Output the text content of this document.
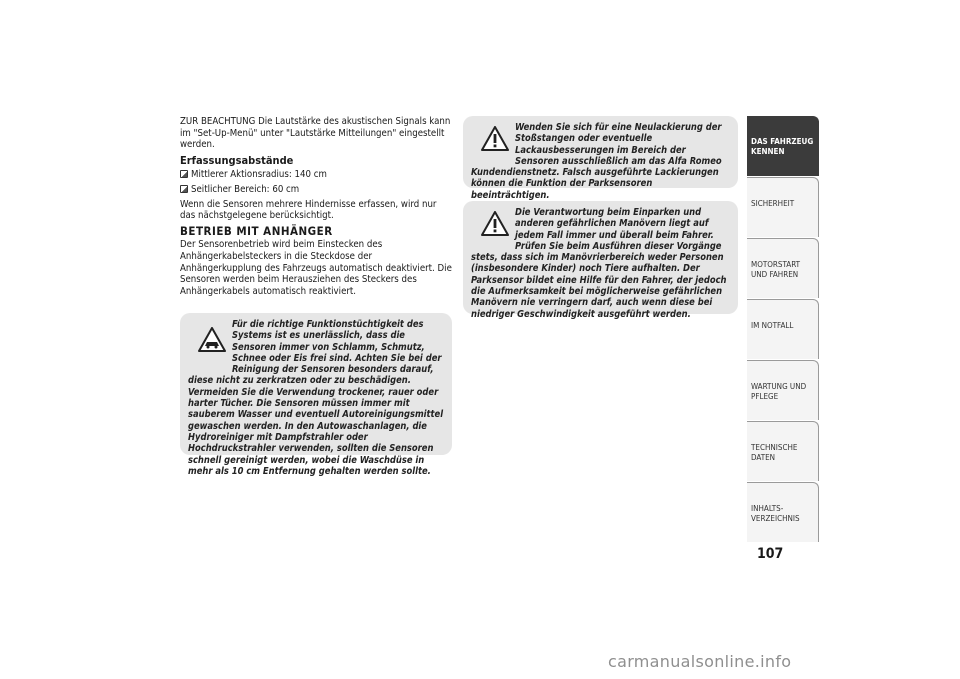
ZUR BEACHTUNG Die Lautstärke des akustischen Signals kann im "Set-Up-Menü" unter "Lautstärke Mitteilungen" eingestellt werden.

Erfassungsabstände
Mittlerer Aktionsradius: 140 cm
Seitlicher Bereich: 60 cm

Wenn die Sensoren mehrere Hindernisse erfassen, wird nur das nächstgelegene berücksichtigt.

BETRIEB MIT ANHÄNGER

Der Sensorenbetrieb wird beim Einstecken des Anhängerkabelsteckers in die Steckdose der Anhängerkupplung des Fahrzeugs automatisch deaktiviert. Die Sensoren werden beim Herausziehen des Steckers des Anhängerkabels automatisch reaktiviert.

Für die richtige Funktionstüchtigkeit des Systems ist es unerlässlich, dass die Sensoren immer von Schlamm, Schmutz, Schnee oder Eis frei sind. Achten Sie bei der Reinigung der Sensoren besonders darauf, diese nicht zu zerkratzen oder zu beschädigen. Vermeiden Sie die Verwendung trockener, rauer oder harter Tücher. Die Sensoren müssen immer mit sauberem Wasser und eventuell Autoreinigungsmittel gewaschen werden. In den Autowaschanlagen, die Hydroreiniger mit Dampfstrahler oder Hochdruckstrahler verwenden, sollten die Sensoren schnell gereinigt werden, wobei die Waschdüse in mehr als 10 cm Entfernung gehalten werden sollte.
Wenden Sie sich für eine Neulackierung der Stoßstangen oder eventuelle Lackausbesserungen im Bereich der Sensoren ausschließlich am das Alfa Romeo Kundendienstnetz. Falsch ausgeführte Lackierungen können die Funktion der Parksensoren beeinträchtigen.
Die Verantwortung beim Einparken und anderen gefährlichen Manövern liegt auf jedem Fall immer und überall beim Fahrer. Prüfen Sie beim Ausführen dieser Vorgänge stets, dass sich im Manövrierbereich weder Personen (insbesondere Kinder) noch Tiere aufhalten. Der Parksensor bildet eine Hilfe für den Fahrer, der jedoch die Aufmerksamkeit bei möglicherweise gefährlichen Manövern nie verringern darf, auch wenn diese bei niedriger Geschwindigkeit ausgeführt werden.
DAS FAHRZEUG KENNEN
SICHERHEIT
MOTORSTART UND FAHREN
IM NOTFALL
WARTUNG UND PFLEGE
TECHNISCHE DATEN
INHALTS-VERZEICHNIS
107
carmanualsonline.info
